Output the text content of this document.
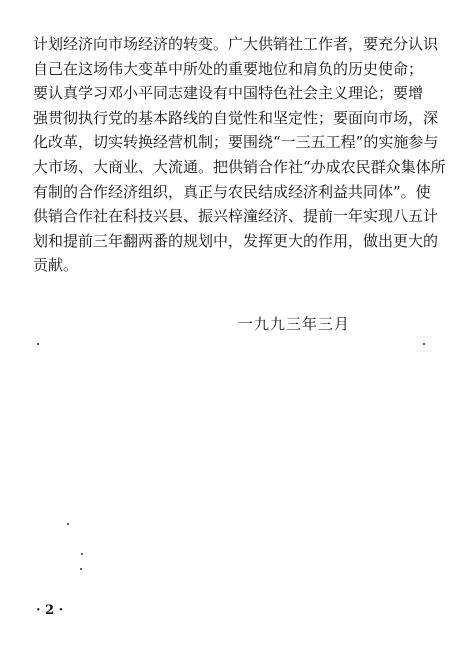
计划经济向市场经济的转变。广大供销社工作者，要充分认识
自己在这场伟大变革中所处的重要地位和肩负的历史使命；
要认真学习邓小平同志建设有中国特色社会主义理论；要增
强贯彻执行党的基本路线的自觉性和坚定性；要面向市场，深
化改革，切实转换经营机制；要围绕“一三五工程”的实施参与
大市场、大商业、大流通。把供销合作社“办成农民群众集体所
有制的合作经济组织，真正与农民结成经济利益共同体”。使
供销合作社在科技兴县、振兴梓潼经济、提前一年实现八五计
划和提前三年翻两番的规划中，发挥更大的作用，做出更大的
贡献。
一九九三年三月
· 2 ·
